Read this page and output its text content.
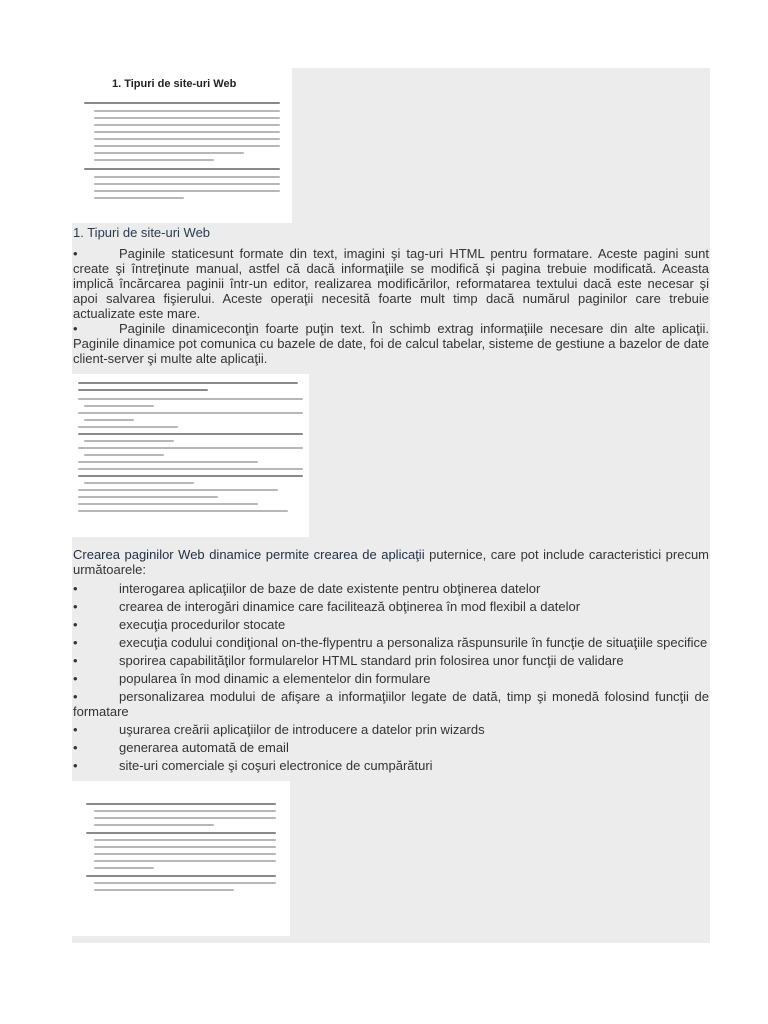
1. Tipuri de site-uri Web
1. Tipuri de site-uri Web
•	Paginile staticesunt formate din text, imagini şi tag-uri HTML pentru formatare. Aceste pagini sunt create şi întreţinute manual, astfel că dacă informaţiile se modifică şi pagina trebuie modificată. Aceasta implică încărcarea paginii într-un editor, realizarea modificărilor, reformatarea textului dacă este necesar şi apoi salvarea fişierului. Aceste operaţii necesită foarte mult timp dacă numărul paginilor care trebuie actualizate este mare.
•	Paginile dinamiceconţin foarte puţin text. În schimb extrag informaţiile necesare din alte aplicaţii. Paginile dinamice pot comunica cu bazele de date, foi de calcul tabelar, sisteme de gestiune a bazelor de date client-server şi multe alte aplicaţii.
Crearea paginilor Web dinamice permite crearea de aplicaţii puternice, care pot include caracteristici precum următoarele:
•	interogarea aplicaţiilor de baze de date existente pentru obţinerea datelor
•	crearea de interogări dinamice care facilitează obţinerea în mod flexibil a datelor
•	execuţia procedurilor stocate
•	execuţia codului condiţional on-the-flypentru a personaliza răspunsurile în funcţie de situaţiile specifice
•	sporirea capabilităţilor formularelor HTML standard prin folosirea unor funcţii de validare
•	popularea în mod dinamic a elementelor din formulare
•	personalizarea modului de afişare a informaţiilor legate de dată, timp şi monedă folosind funcţii de formatare
•	uşurarea creării aplicaţiilor de introducere a datelor prin wizards
•	generarea automată de email
•	site-uri comerciale şi coşuri electronice de cumpărături
